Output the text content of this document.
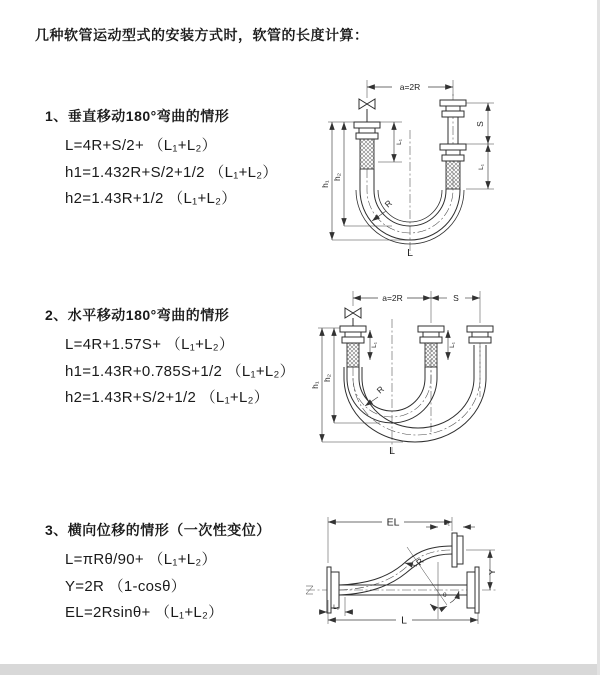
几种软管运动型式的安装方式时，软管的长度计算：
1、垂直移动180°弯曲的情形
L=4R+S/2+ （L₁+L₂）
h1=1.432R+S/2+1/2 （L₁+L₂）
h2=1.43R+1/2 （L₁+L₂）
2、水平移动180°弯曲的情形
L=4R+1.57S+ （L₁+L₂）
h1=1.43R+0.785S+1/2 （L₁+L₂）
h2=1.43R+S/2+1/2 （L₁+L₂）
3、横向位移的情形（一次性变位）
L=πRθ/90+ （L₁+L₂）
Y=2R （1-cosθ）
EL=2Rsinθ+ （L₁+L₂）
a=2R
h₁
h₂
L₁
S
L₁
R
L
a=2R	S
h₁
h₂
L₁	L₁
R
L
θ
EL	L₁
Y
L
L₁
R
